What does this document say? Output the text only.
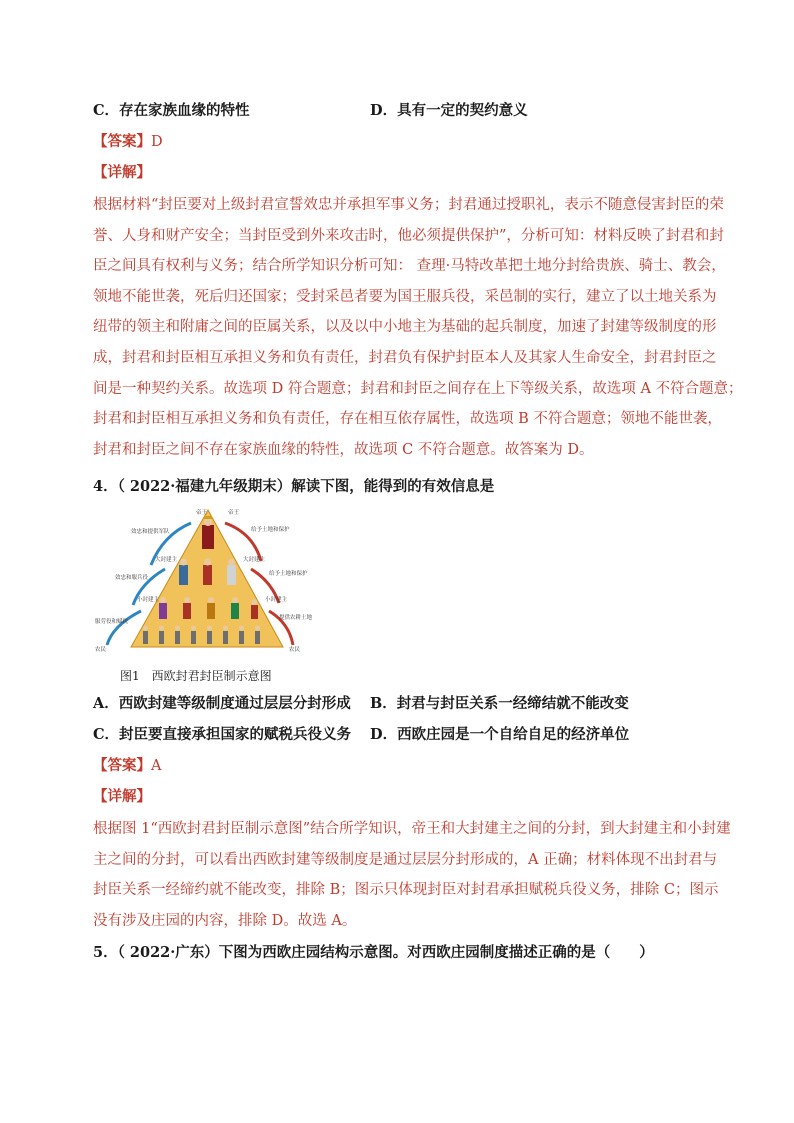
C．存在家族血缘的特性	D．具有一定的契约意义
【答案】D
【详解】
根据材料“封臣要对上级封君宣誓效忠并承担军事义务；封君通过授职礼，表示不随意侵害封臣的荣
誉、人身和财产安全；当封臣受到外来攻击时，他必须提供保护”，分析可知：材料反映了封君和封
臣之间具有权利与义务；结合所学知识分析可知： 查理·马特改革把土地分封给贵族、骑士、教会，
领地不能世袭，死后归还国家；受封采邑者要为国王服兵役，采邑制的实行，建立了以土地关系为
纽带的领主和附庸之间的臣属关系，以及以中小地主为基础的起兵制度，加速了封建等级制度的形
成，封君和封臣相互承担义务和负有责任，封君负有保护封臣本人及其家人生命安全，封君封臣之
间是一种契约关系。故选项 D 符合题意；封君和封臣之间存在上下等级关系，故选项 A 不符合题意；
封君和封臣相互承担义务和负有责任，存在相互依存属性，故选项 B 不符合题意；领地不能世袭，
封君和封臣之间不存在家族血缘的特性，故选项 C 不符合题意。故答案为 D。
4．（ 2022·福建九年级期末）解读下图，能得到的有效信息是
帝王	帝王
大封建主	大封建主
小封建主	小封建主
农民	农民
效忠和提供军队
效忠和服兵役
服劳役和赋税
给予土地和保护
给予土地和保护
提供农耕土地
图1　西欧封君封臣制示意图
A．西欧封建等级制度通过层层分封形成 B．封君与封臣关系一经缔结就不能改变
C．封臣要直接承担国家的赋税兵役义务 D．西欧庄园是一个自给自足的经济单位
【答案】A
【详解】
根据图 1“西欧封君封臣制示意图”结合所学知识，帝王和大封建主之间的分封，到大封建主和小封建
主之间的分封，可以看出西欧封建等级制度是通过层层分封形成的，A 正确；材料体现不出封君与
封臣关系一经缔约就不能改变，排除 B；图示只体现封臣对封君承担赋税兵役义务，排除 C；图示
没有涉及庄园的内容，排除 D。故选 A。
5．（ 2022·广东）下图为西欧庄园结构示意图。对西欧庄园制度描述正确的是（　　）
